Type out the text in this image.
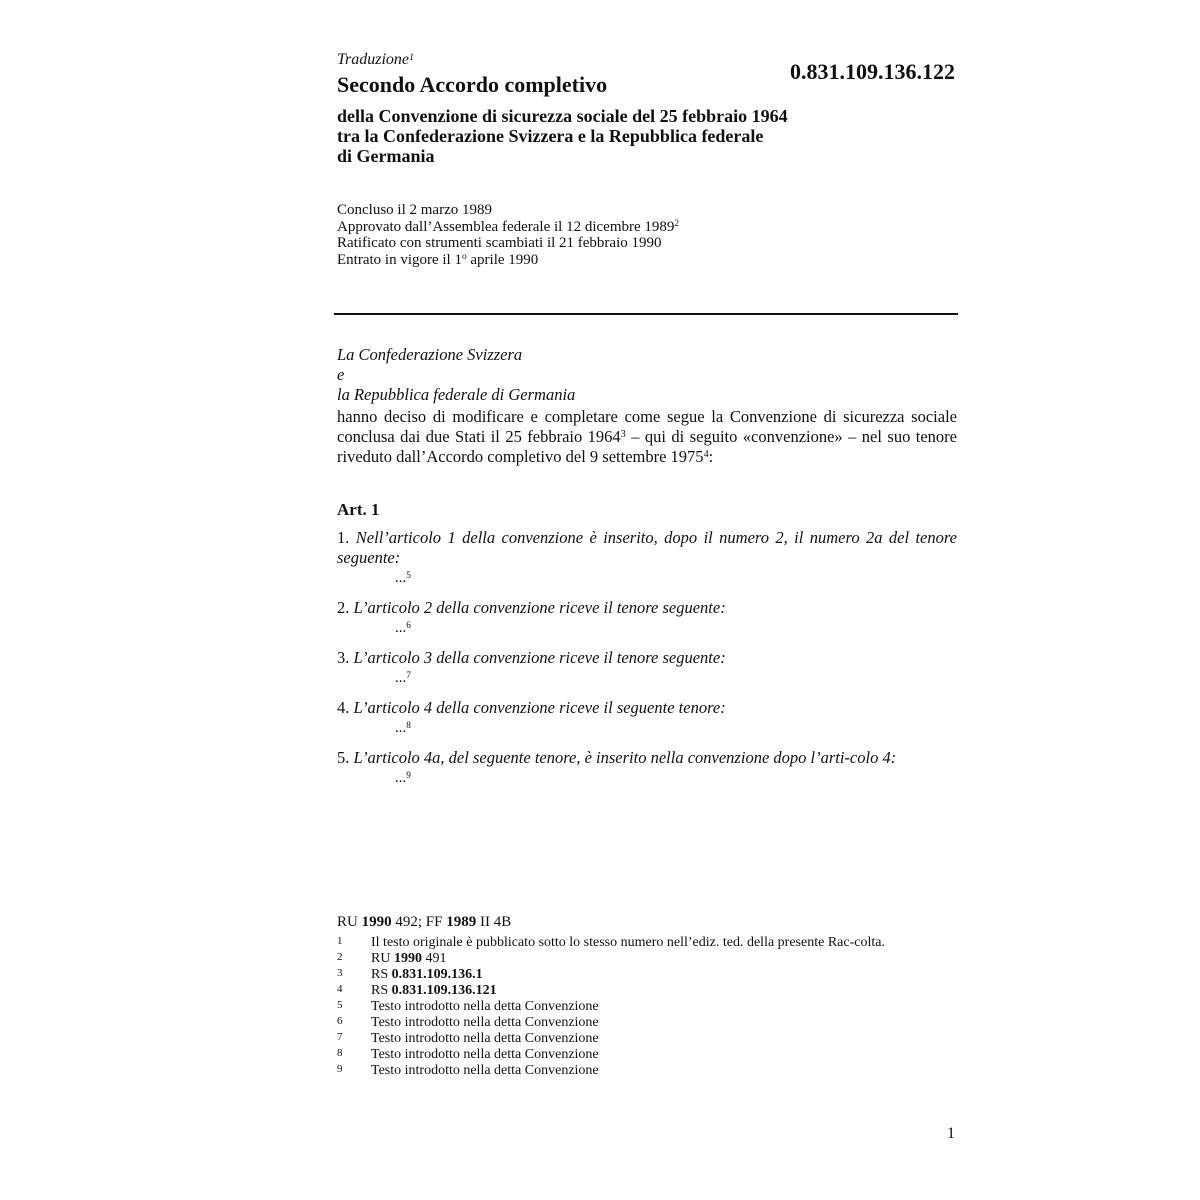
Traduzione$^1$
0.831.109.136.122
Secondo Accordo completivo
della Convenzione di sicurezza sociale del 25 febbraio 1964
tra la Confederazione Svizzera e la Repubblica federale
di Germania
Concluso il 2 marzo 1989
Approvato dall’Assemblea federale il 12 dicembre 1989$^2$
Ratificato con strumenti scambiati il 21 febbraio 1990
Entrato in vigore il 1$^o$ aprile 1990
La Confederazione Svizzera
e
la Repubblica federale di Germania
hanno deciso di modificare e completare come segue la Convenzione di sicurezza sociale conclusa dai due Stati il 25 febbraio 1964$^3$ – qui di seguito «convenzione» – nel suo tenore riveduto dall’Accordo completivo del 9 settembre 1975$^4$:
Art. 1
1. Nell’articolo 1 della convenzione è inserito, dopo il numero 2, il numero 2a del tenore seguente:
...$^5$
2. L’articolo 2 della convenzione riceve il tenore seguente:
...$^6$
3. L’articolo 3 della convenzione riceve il tenore seguente:
...$^7$
4. L’articolo 4 della convenzione riceve il seguente tenore:
...$^8$
5. L’articolo 4a, del seguente tenore, è inserito nella convenzione dopo l’arti-colo 4:
...$^9$
RU 1990 492; FF 1989 II 4B
1	Il testo originale è pubblicato sotto lo stesso numero nell’ediz. ted. della presente Rac-colta.
2	RU 1990 491
3	RS 0.831.109.136.1
4	RS 0.831.109.136.121
5	Testo introdotto nella detta Convenzione
6	Testo introdotto nella detta Convenzione
7	Testo introdotto nella detta Convenzione
8	Testo introdotto nella detta Convenzione
9	Testo introdotto nella detta Convenzione
1
